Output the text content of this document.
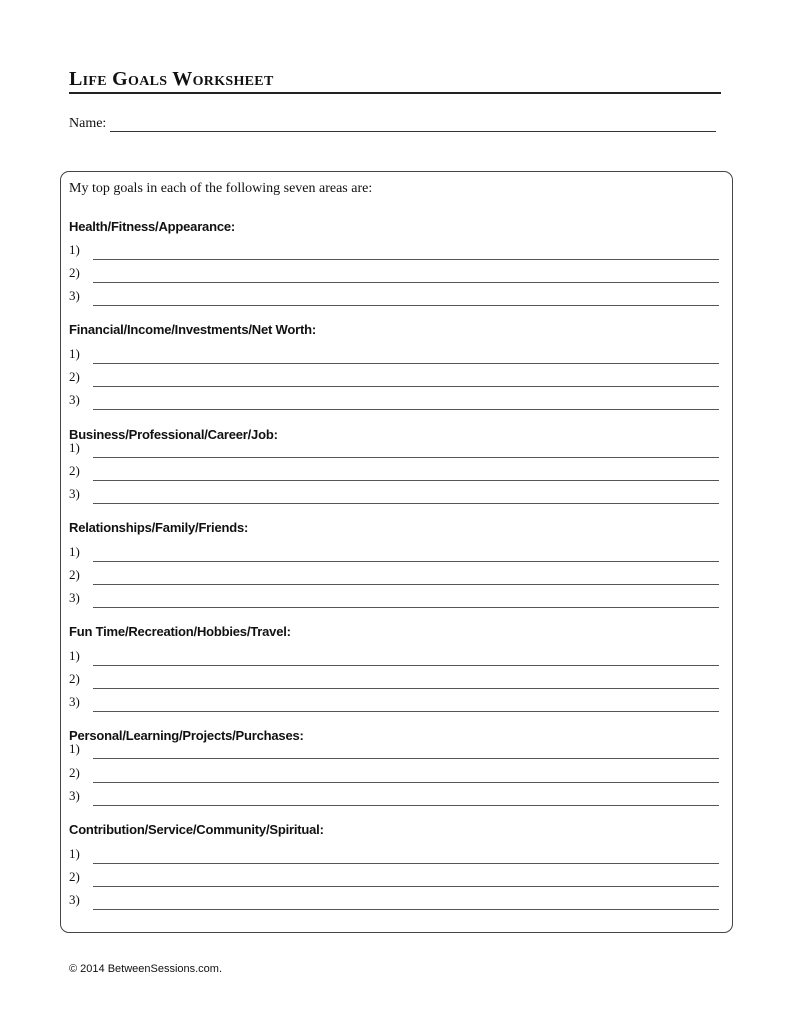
Life Goals Worksheet
Name:
My top goals in each of the following seven areas are:
Health/Fitness/Appearance:
1)
2)
3)
Financial/Income/Investments/Net Worth:
1)
2)
3)
Business/Professional/Career/Job:
1)
2)
3)
Relationships/Family/Friends:
1)
2)
3)
Fun Time/Recreation/Hobbies/Travel:
1)
2)
3)
Personal/Learning/Projects/Purchases:
1)
2)
3)
Contribution/Service/Community/Spiritual:
1)
2)
3)
© 2014 BetweenSessions.com.
